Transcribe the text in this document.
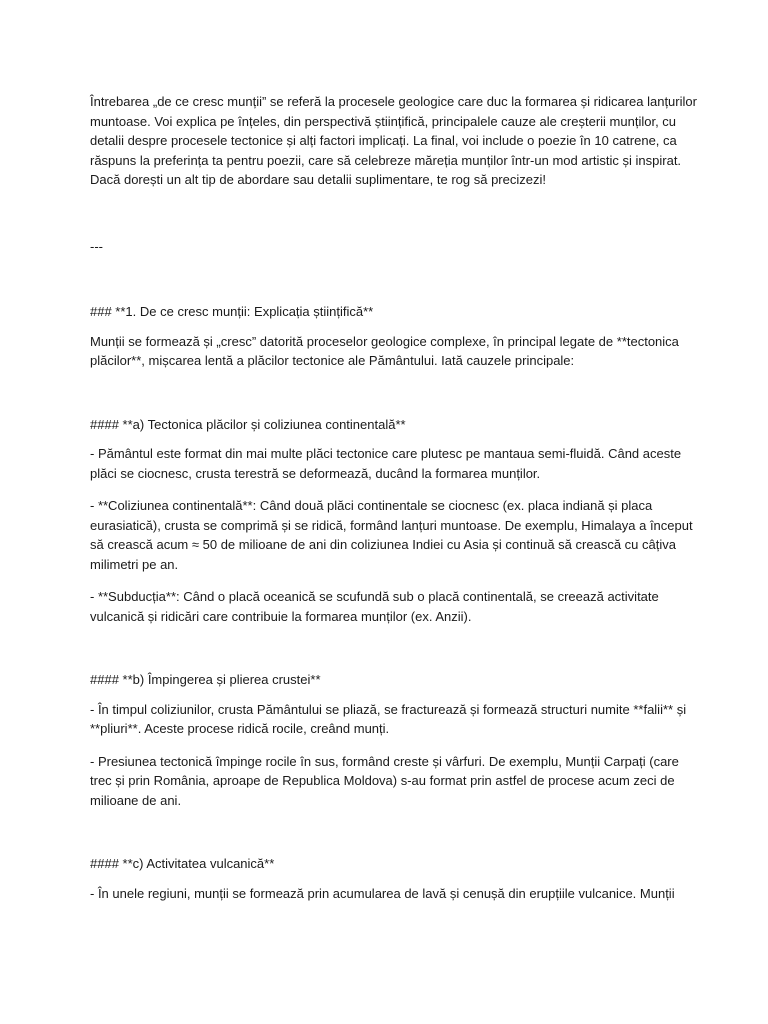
Întrebarea „de ce cresc munții” se referă la procesele geologice care duc la formarea și ridicarea lanțurilor muntoase. Voi explica pe înțeles, din perspectivă științifică, principalele cauze ale creșterii munților, cu detalii despre procesele tectonice și alți factori implicați. La final, voi include o poezie în 10 catrene, ca răspuns la preferința ta pentru poezii, care să celebreze măreția munților într-un mod artistic și inspirat. Dacă dorești un alt tip de abordare sau detalii suplimentare, te rog să precizezi!

---

### **1. De ce cresc munții: Explicația științifică**

Munții se formează și „cresc” datorită proceselor geologice complexe, în principal legate de **tectonica plăcilor**, mișcarea lentă a plăcilor tectonice ale Pământului. Iată cauzele principale:

#### **a) Tectonica plăcilor și coliziunea continentală**

- Pământul este format din mai multe plăci tectonice care plutesc pe mantaua semi-fluidă. Când aceste plăci se ciocnesc, crusta terestră se deformează, ducând la formarea munților.

- **Coliziunea continentală**: Când două plăci continentale se ciocnesc (ex. placa indiană și placa eurasiatică), crusta se comprimă și se ridică, formând lanțuri muntoase. De exemplu, Himalaya a început să crească acum ≈ 50 de milioane de ani din coliziunea Indiei cu Asia și continuă să crească cu câțiva milimetri pe an.

- **Subducția**: Când o placă oceanică se scufundă sub o placă continentală, se creează activitate vulcanică și ridicări care contribuie la formarea munților (ex. Anzii).

#### **b) Împingerea și plierea crustei**

- În timpul coliziunilor, crusta Pământului se pliază, se fracturează și formează structuri numite **falii** și **pliuri**. Aceste procese ridică rocile, creând munți.

- Presiunea tectonică împinge rocile în sus, formând creste și vârfuri. De exemplu, Munții Carpați (care trec și prin România, aproape de Republica Moldova) s-au format prin astfel de procese acum zeci de milioane de ani.

#### **c) Activitatea vulcanică**

- În unele regiuni, munții se formează prin acumularea de lavă și cenușă din erupțiile vulcanice. Munții
